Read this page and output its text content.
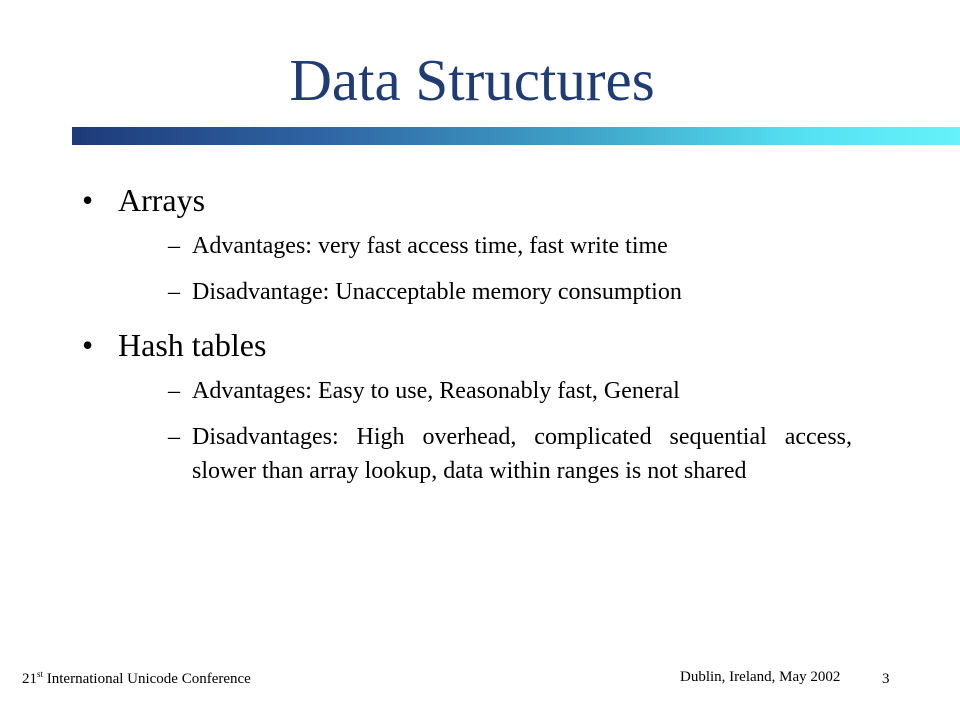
Data Structures
• Arrays
– Advantages: very fast access time, fast write time
– Disadvantage: Unacceptable memory consumption
• Hash tables
– Advantages: Easy to use, Reasonably fast, General
– Disadvantages: High overhead, complicated sequential access, slower than array lookup, data within ranges is not shared
21st International Unicode Conference	Dublin, Ireland, May 2002	3
